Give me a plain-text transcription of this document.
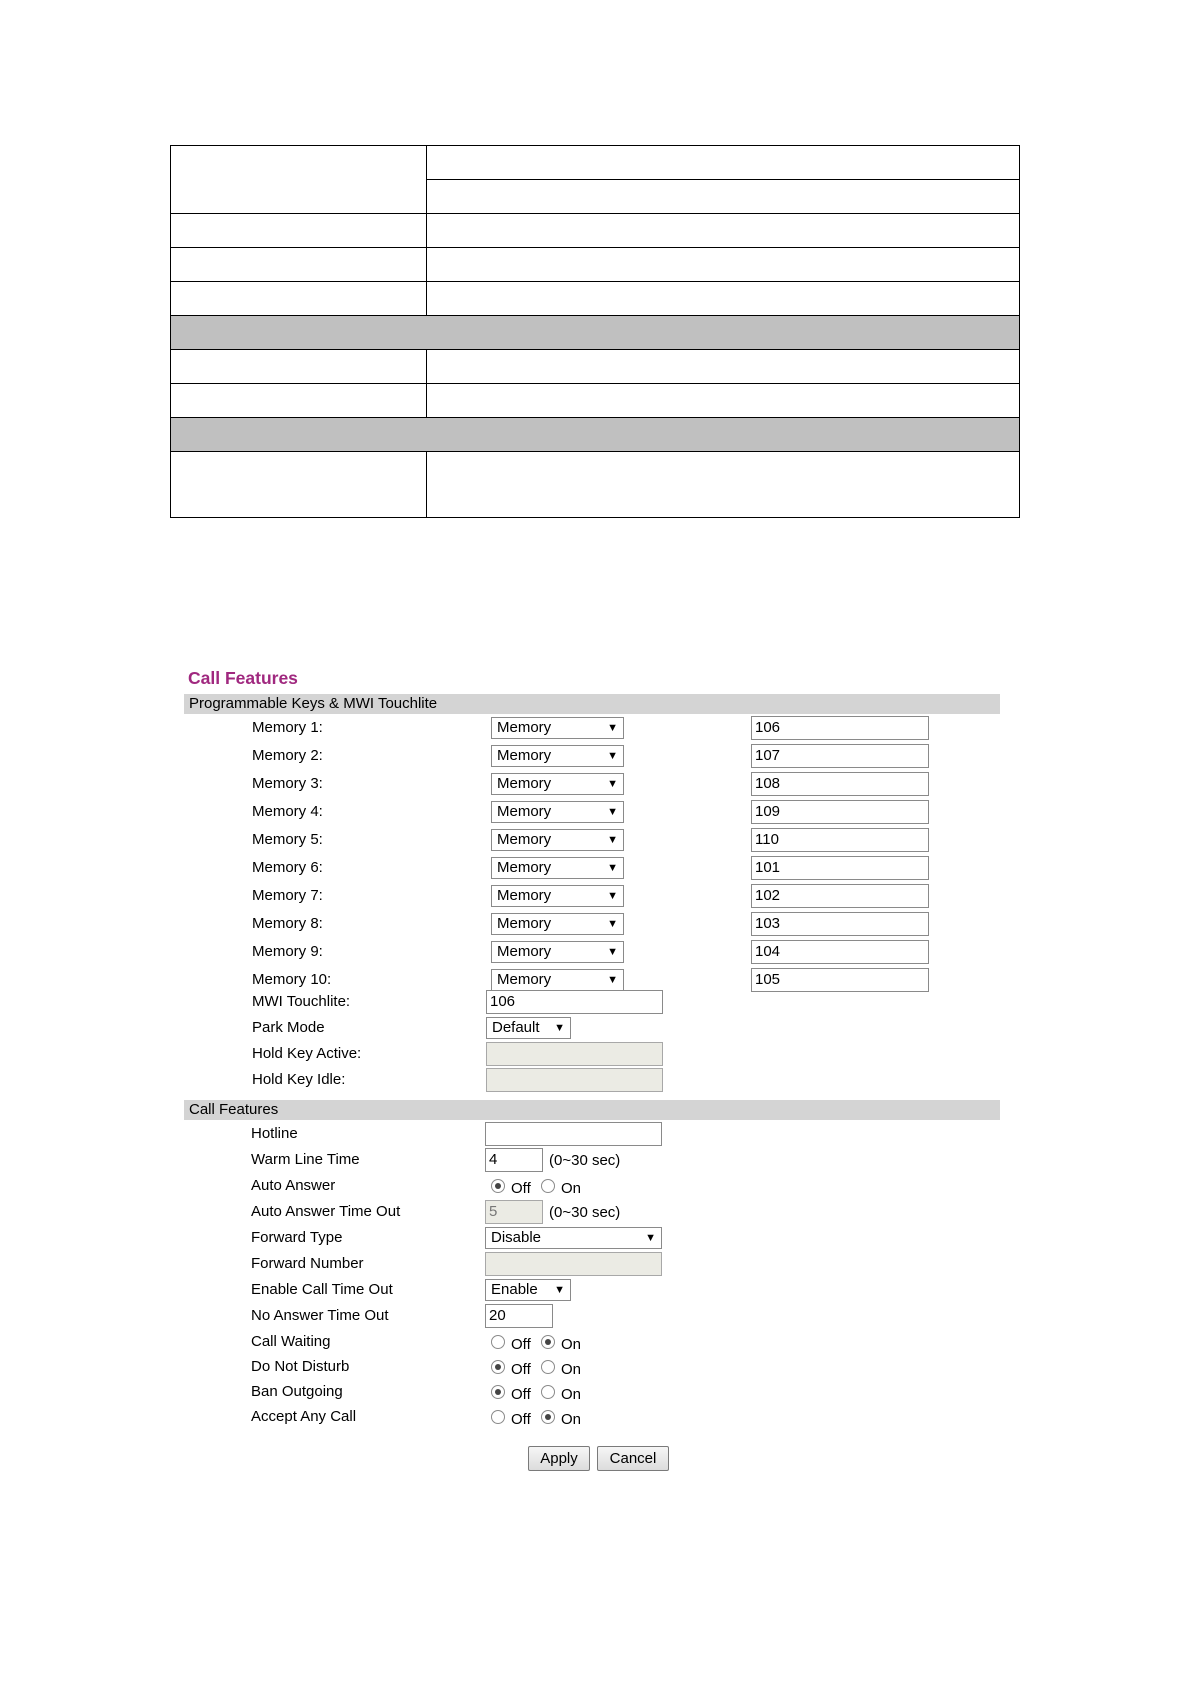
Call Features
Programmable Keys & MWI Touchlite
Memory 1:	Memory	▼	106
Memory 2:	Memory	▼	107
Memory 3:	Memory	▼	108
Memory 4:	Memory	▼	109
Memory 5:	Memory	▼	110
Memory 6:	Memory	▼	101
Memory 7:	Memory	▼	102
Memory 8:	Memory	▼	103
Memory 9:	Memory	▼	104
Memory 10:	Memory	▼	105
MWI Touchlite:	106
Park Mode	Default ▼
Hold Key Active:
Hold Key Idle:
Call Features
Hotline
Warm Line Time	4	(0~30 sec)
Auto Answer	Off On
Auto Answer Time Out	5	(0~30 sec)
Forward Type	Disable	▼
Forward Number
Enable Call Time Out	Enable ▼
No Answer Time Out	20
Call Waiting	Off On
Do Not Disturb	Off On
Ban Outgoing	Off On
Accept Any Call	Off On
Apply	Cancel
